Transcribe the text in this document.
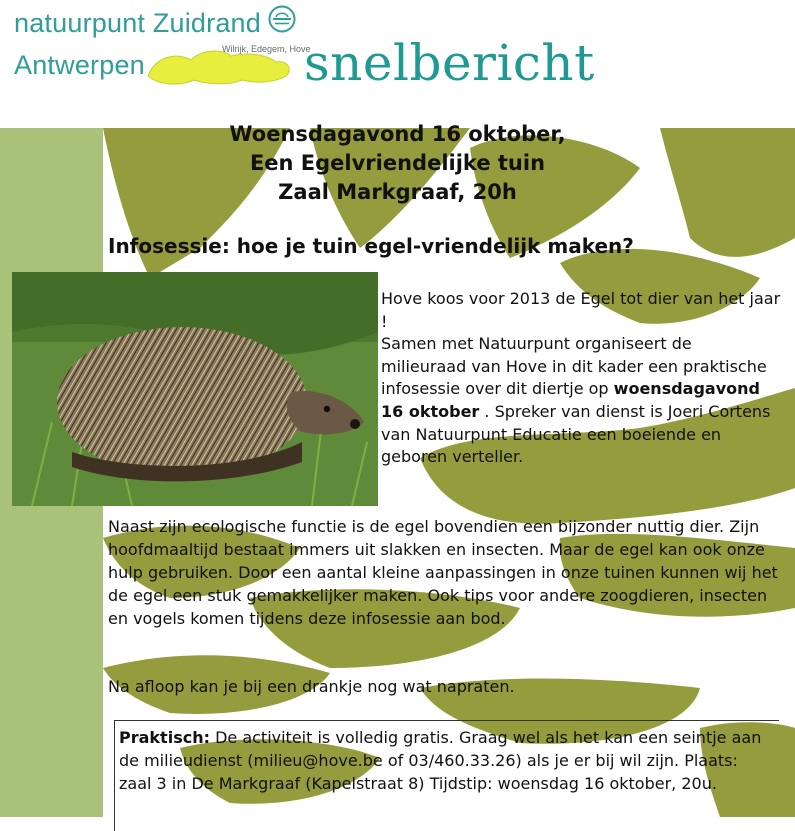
natuurpunt Zuidrand
Antwerpen
Wilrijk, Edegem, Hove
snelbericht
Woensdagavond 16 oktober,
Een Egelvriendelijke tuin
Zaal Markgraaf, 20h
Infosessie: hoe je tuin egel-vriendelijk maken?
Hove koos voor 2013 de Egel tot dier van het jaar !
Samen met Natuurpunt organiseert de milieuraad van Hove in dit kader een praktische infosessie over dit diertje op woensdagavond 16 oktober . Spreker van dienst is Joeri Cortens van Natuurpunt Educatie een boeiende en geboren verteller.
Naast zijn ecologische functie is de egel bovendien een bijzonder nuttig dier. Zijn hoofdmaaltijd bestaat immers uit slakken en insecten. Maar de egel kan ook onze hulp gebruiken. Door een aantal kleine aanpassingen in onze tuinen kunnen wij het de egel een stuk gemakkelijker maken. Ook tips voor andere zoogdieren, insecten en vogels komen tijdens deze infosessie aan bod.
Na afloop kan je bij een drankje nog wat napraten.

Praktisch: De activiteit is volledig gratis. Graag wel als het kan een seintje aan de milieudienst (milieu@hove.be of 03/460.33.26) als je er bij wil zijn. Plaats: zaal 3 in De Markgraaf (Kapelstraat 8) Tijdstip: woensdag 16 oktober, 20u.
